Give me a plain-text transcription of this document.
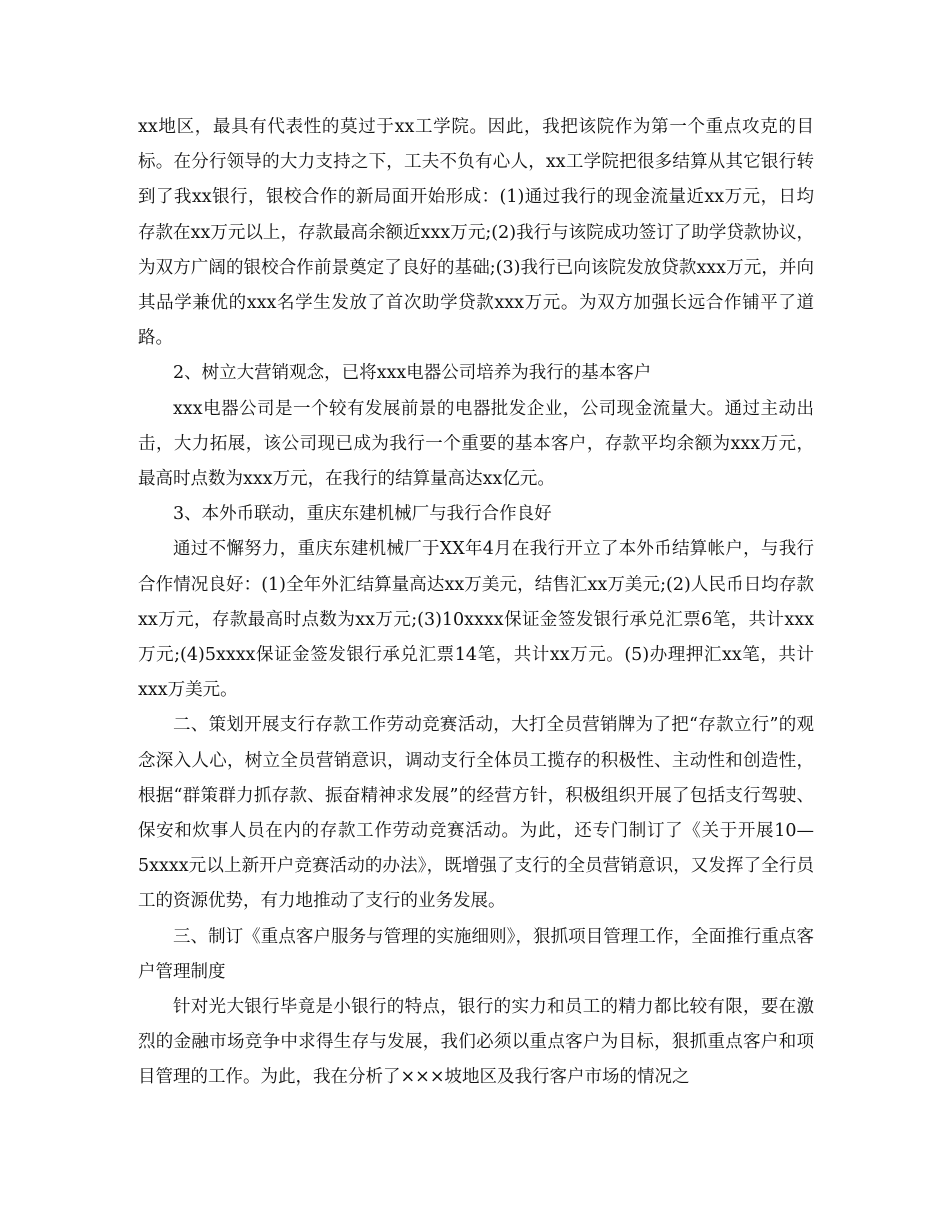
xx地区，最具有代表性的莫过于xx工学院。因此，我把该院作为第一个重点攻克的目标。在分行领导的大力支持之下，工夫不负有心人，xx工学院把很多结算从其它银行转到了我xx银行，银校合作的新局面开始形成：(1)通过我行的现金流量近xx万元，日均存款在xx万元以上，存款最高余额近xxx万元;(2)我行与该院成功签订了助学贷款协议，为双方广阔的银校合作前景奠定了良好的基础;(3)我行已向该院发放贷款xxx万元，并向其品学兼优的xxx名学生发放了首次助学贷款xxx万元。为双方加强长远合作铺平了道路。

2、树立大营销观念，已将xxx电器公司培养为我行的基本客户

xxx电器公司是一个较有发展前景的电器批发企业，公司现金流量大。通过主动出击，大力拓展，该公司现已成为我行一个重要的基本客户，存款平均余额为xxx万元，最高时点数为xxx万元，在我行的结算量高达xx亿元。

3、本外币联动，重庆东建机械厂与我行合作良好

通过不懈努力，重庆东建机械厂于XX年4月在我行开立了本外币结算帐户，与我行合作情况良好：(1)全年外汇结算量高达xx万美元，结售汇xx万美元;(2)人民币日均存款xx万元，存款最高时点数为xx万元;(3)10xxxx保证金签发银行承兑汇票6笔，共计xxx万元;(4)5xxxx保证金签发银行承兑汇票14笔，共计xx万元。(5)办理押汇xx笔，共计xxx万美元。

二、策划开展支行存款工作劳动竞赛活动，大打全员营销牌为了把“存款立行”的观念深入人心，树立全员营销意识，调动支行全体员工揽存的积极性、主动性和创造性，根据“群策群力抓存款、振奋精神求发展”的经营方针，积极组织开展了包括支行驾驶、保安和炊事人员在内的存款工作劳动竞赛活动。为此，还专门制订了《关于开展10—5xxxx元以上新开户竞赛活动的办法》，既增强了支行的全员营销意识，又发挥了全行员工的资源优势，有力地推动了支行的业务发展。

三、制订《重点客户服务与管理的实施细则》，狠抓项目管理工作，全面推行重点客户管理制度

针对光大银行毕竟是小银行的特点，银行的实力和员工的精力都比较有限，要在激烈的金融市场竞争中求得生存与发展，我们必须以重点客户为目标，狠抓重点客户和项目管理的工作。为此，我在分析了×××坡地区及我行客户市场的情况之
